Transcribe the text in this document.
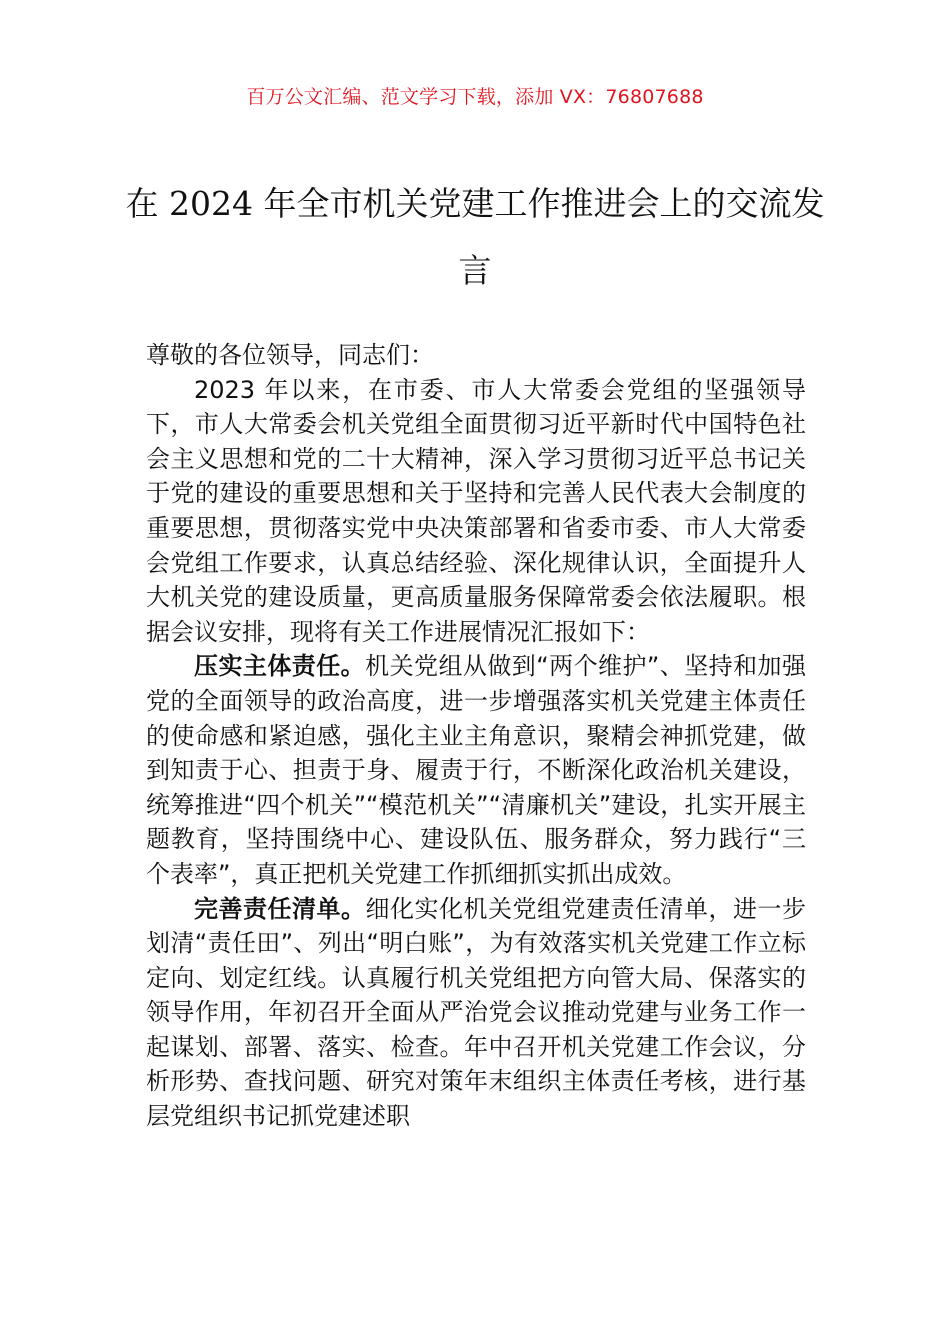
百万公文汇编、范文学习下载，添加 VX：76807688
在 2024 年全市机关党建工作推进会上的交流发言

尊敬的各位领导，同志们：

2023 年以来，在市委、市人大常委会党组的坚强领导下，市人大常委会机关党组全面贯彻习近平新时代中国特色社会主义思想和党的二十大精神，深入学习贯彻习近平总书记关于党的建设的重要思想和关于坚持和完善人民代表大会制度的重要思想，贯彻落实党中央决策部署和省委市委、市人大常委会党组工作要求，认真总结经验、深化规律认识，全面提升人大机关党的建设质量，更高质量服务保障常委会依法履职。根据会议安排，现将有关工作进展情况汇报如下：

压实主体责任。机关党组从做到“两个维护”、坚持和加强党的全面领导的政治高度，进一步增强落实机关党建主体责任的使命感和紧迫感，强化主业主角意识，聚精会神抓党建，做到知责于心、担责于身、履责于行，不断深化政治机关建设，统筹推进“四个机关”“模范机关”“清廉机关”建设，扎实开展主题教育，坚持围绕中心、建设队伍、服务群众，努力践行“三个表率”，真正把机关党建工作抓细抓实抓出成效。

完善责任清单。细化实化机关党组党建责任清单，进一步划清“责任田”、列出“明白账”，为有效落实机关党建工作立标定向、划定红线。认真履行机关党组把方向管大局、保落实的领导作用，年初召开全面从严治党会议推动党建与业务工作一起谋划、部署、落实、检查。年中召开机关党建工作会议，分析形势、查找问题、研究对策年末组织主体责任考核，进行基层党组织书记抓党建述职
